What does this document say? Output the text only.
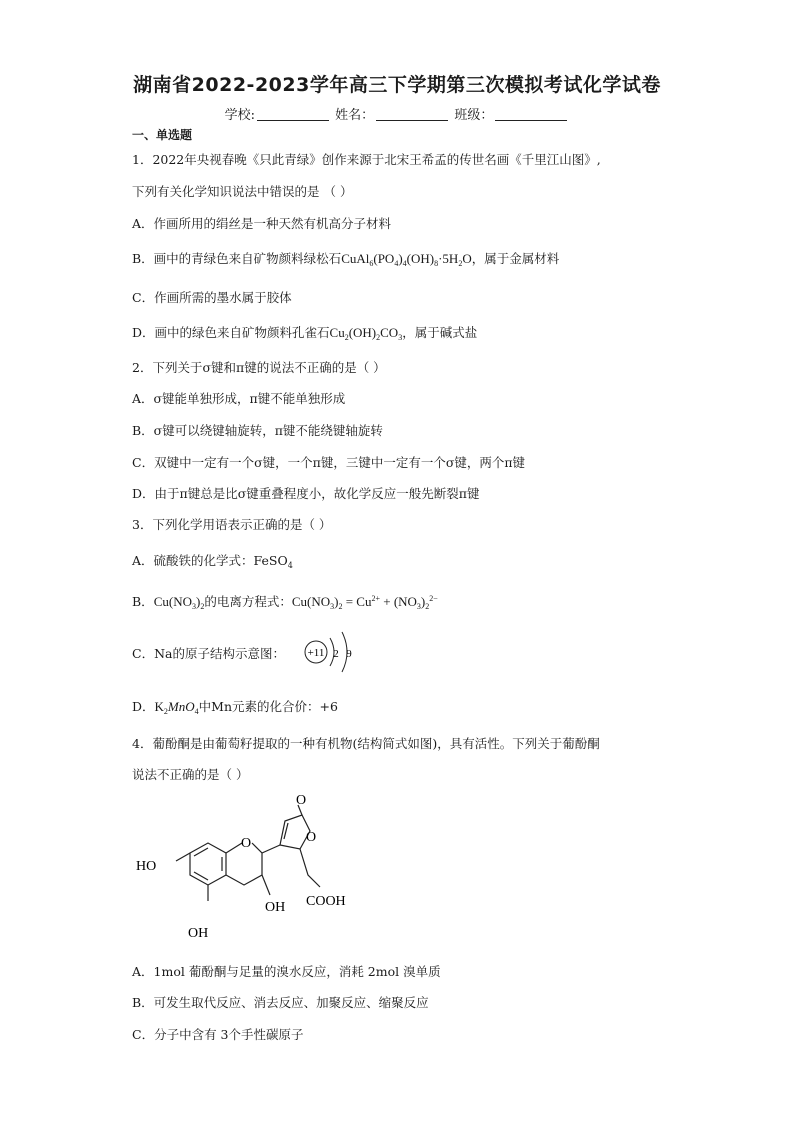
湖南省2022-2023学年高三下学期第三次模拟考试化学试卷
学校:	姓名：	班级：
一、单选题
1．2022年央视春晚《只此青绿》创作来源于北宋王希孟的传世名画《千里江山图》,
下列有关化学知识说法中错误的是 （ ）
A．作画所用的绢丝是一种天然有机高分子材料
B．画中的青绿色来自矿物颜料绿松石$CuAl_6(PO_4)_4(OH)_8\cdot 5H_2O$，属于金属材料
C．作画所需的墨水属于胶体
D．画中的绿色来自矿物颜料孔雀石$Cu_2(OH)_2CO_3$，属于碱式盐
2．下列关于σ键和π键的说法不正确的是（ ）
A．σ键能单独形成，π键不能单独形成
B．σ键可以绕键轴旋转，π键不能绕键轴旋转
C．双键中一定有一个σ键，一个π键，三键中一定有一个σ键，两个π键
D．由于π键总是比σ键重叠程度小，故化学反应一般先断裂π键
3．下列化学用语表示正确的是（ ）
A．硫酸铁的化学式：FeSO$_4$
B．$Cu(NO_3)_2$的电离方程式：$Cu(NO_3)_2 = Cu^{2+} + (NO_3)_2^{2-}$
C．Na的原子结构示意图： +11 2 9
D．$K_2MnO_4$中Mn元素的化合价：+6
4．葡酚酮是由葡萄籽提取的一种有机物(结构简式如图)，具有活性。下列关于葡酚酮
说法不正确的是（ ）
O
O	O
HO
OH COOH
OH
A．1mol 葡酚酮与足量的溴水反应，消耗 2mol 溴单质
B．可发生取代反应、消去反应、加聚反应、缩聚反应
C．分子中含有 3个手性碳原子
